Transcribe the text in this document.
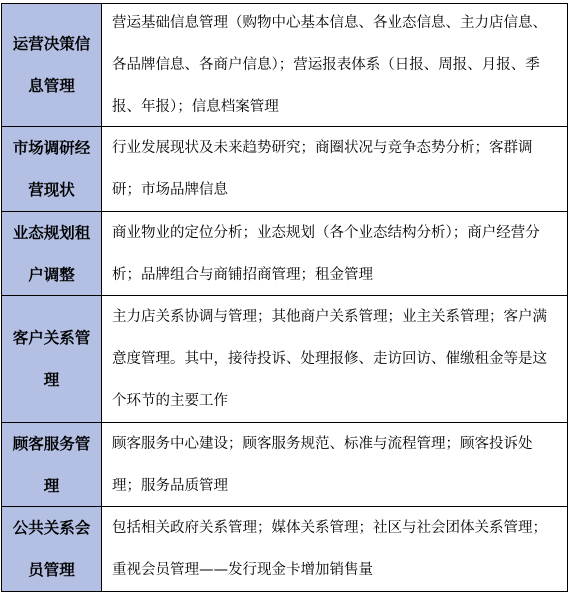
运营决策信息管理
营运基础信息管理（购物中心基本信息、各业态信息、主力店信息、各品牌信息、各商户信息）；营运报表体系（日报、周报、月报、季报、年报）；信息档案管理
市场调研经营现状
行业发展现状及未来趋势研究；商圈状况与竞争态势分析；客群调研；市场品牌信息
业态规划租户调整
商业物业的定位分析；业态规划（各个业态结构分析）；商户经营分析；品牌组合与商铺招商管理；租金管理
客户关系管理
主力店关系协调与管理；其他商户关系管理；业主关系管理；客户满意度管理。其中，接待投诉、处理报修、走访回访、催缴租金等是这个环节的主要工作
顾客服务管理
顾客服务中心建设；顾客服务规范、标准与流程管理；顾客投诉处理；服务品质管理
公共关系会员管理
包括相关政府关系管理；媒体关系管理；社区与社会团体关系管理；重视会员管理——发行现金卡增加销售量
